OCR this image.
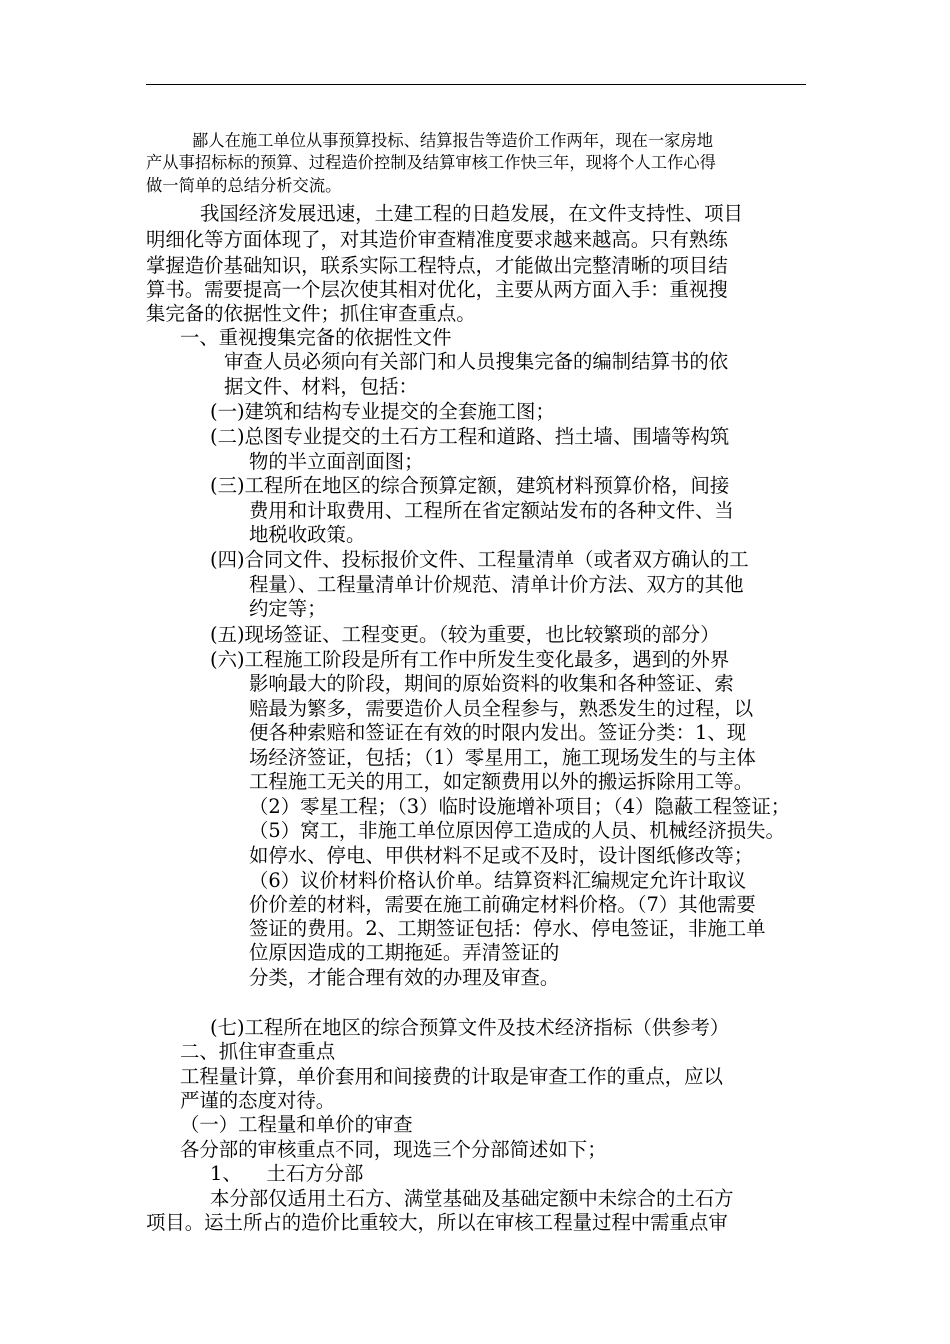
鄙人在施工单位从事预算投标、结算报告等造价工作两年，现在一家房地
产从事招标标的预算、过程造价控制及结算审核工作快三年，现将个人工作心得
做一简单的总结分析交流。
我国经济发展迅速，土建工程的日趋发展，在文件支持性、项目
明细化等方面体现了，对其造价审查精准度要求越来越高。只有熟练
掌握造价基础知识，联系实际工程特点，才能做出完整清晰的项目结
算书。需要提高一个层次使其相对优化，主要从两方面入手：重视搜
集完备的依据性文件；抓住审查重点。
一、重视搜集完备的依据性文件
审查人员必须向有关部门和人员搜集完备的编制结算书的依
据文件、材料，包括：
(一)建筑和结构专业提交的全套施工图；
(二)总图专业提交的土石方工程和道路、挡土墙、围墙等构筑
物的半立面剖面图；
(三)工程所在地区的综合预算定额，建筑材料预算价格，间接
费用和计取费用、工程所在省定额站发布的各种文件、当
地税收政策。
(四)合同文件、投标报价文件、工程量清单（或者双方确认的工
程量）、工程量清单计价规范、清单计价方法、双方的其他
约定等；
(五)现场签证、工程变更。（较为重要，也比较繁琐的部分）
(六)工程施工阶段是所有工作中所发生变化最多，遇到的外界
影响最大的阶段，期间的原始资料的收集和各种签证、索
赔最为繁多，需要造价人员全程参与，熟悉发生的过程，以
便各种索赔和签证在有效的时限内发出。签证分类：1、现
场经济签证，包括；（1）零星用工，施工现场发生的与主体
工程施工无关的用工，如定额费用以外的搬运拆除用工等。
（2）零星工程；（3）临时设施增补项目；（4）隐蔽工程签证；
（5）窝工，非施工单位原因停工造成的人员、机械经济损失。
如停水、停电、甲供材料不足或不及时，设计图纸修改等；
（6）议价材料价格认价单。结算资料汇编规定允许计取议
价价差的材料，需要在施工前确定材料价格。（7）其他需要
签证的费用。2、工期签证包括：停水、停电签证，非施工单
位原因造成的工期拖延。弄清签证的
分类，才能合理有效的办理及审查。
(七)工程所在地区的综合预算文件及技术经济指标（供参考）
二、抓住审查重点
工程量计算，单价套用和间接费的计取是审查工作的重点，应以
严谨的态度对待。
（一）工程量和单价的审查
各分部的审核重点不同，现选三个分部简述如下；
1、    土石方分部
本分部仅适用土石方、满堂基础及基础定额中未综合的土石方
项目。运土所占的造价比重较大，所以在审核工程量过程中需重点审
